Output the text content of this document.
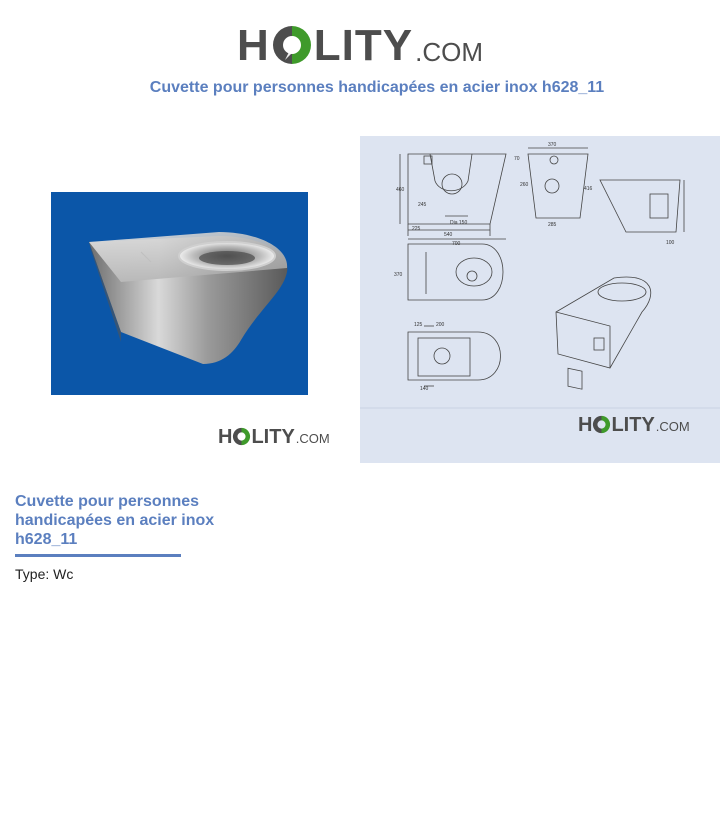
H LITY .COM
Cuvette pour personnes handicapées en acier inox h628_11
H LITY .COM
460
245
225
540
Dia 150
370
70
260
416
285
100
700
370
125	200
140
H LITY .COM
Cuvette pour personnes handicapées en acier inox h628_11
Type: Wc
